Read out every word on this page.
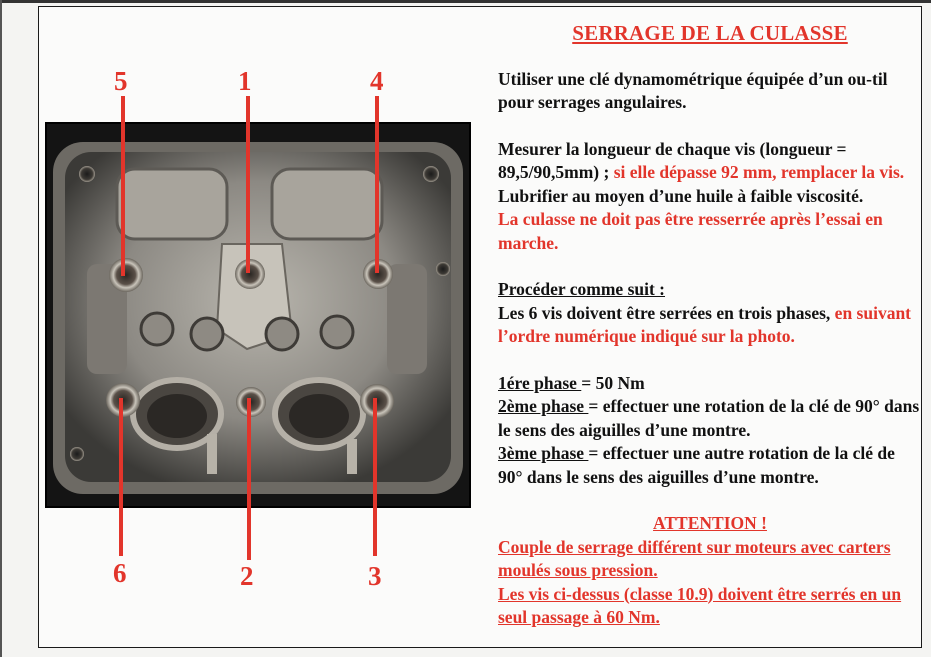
5	1	4
6	2	3

SERRAGE DE LA CULASSE

Utiliser une clé dynamométrique équipée d’un ou-til pour serrages angulaires.

Mesurer la longueur de chaque vis (longueur = 89,5/90,5mm) ; si elle dépasse 92 mm, remplacer la vis.

Lubrifier au moyen d’une huile à faible viscosité.

La culasse ne doit pas être resserrée après l’essai en marche.

Procéder comme suit :

Les 6 vis doivent être serrées en trois phases, en suivant l’ordre numérique indiqué sur la photo.

1ére phase = 50 Nm

2ème phase = effectuer une rotation de la clé de 90° dans le sens des aiguilles d’une montre.

3ème phase = effectuer une autre rotation de la clé de 90° dans le sens des aiguilles d’une montre.

ATTENTION !

Couple de serrage différent sur moteurs avec carters moulés sous pression.

Les vis ci-dessus (classe 10.9) doivent être serrés en un seul passage à 60 Nm.
